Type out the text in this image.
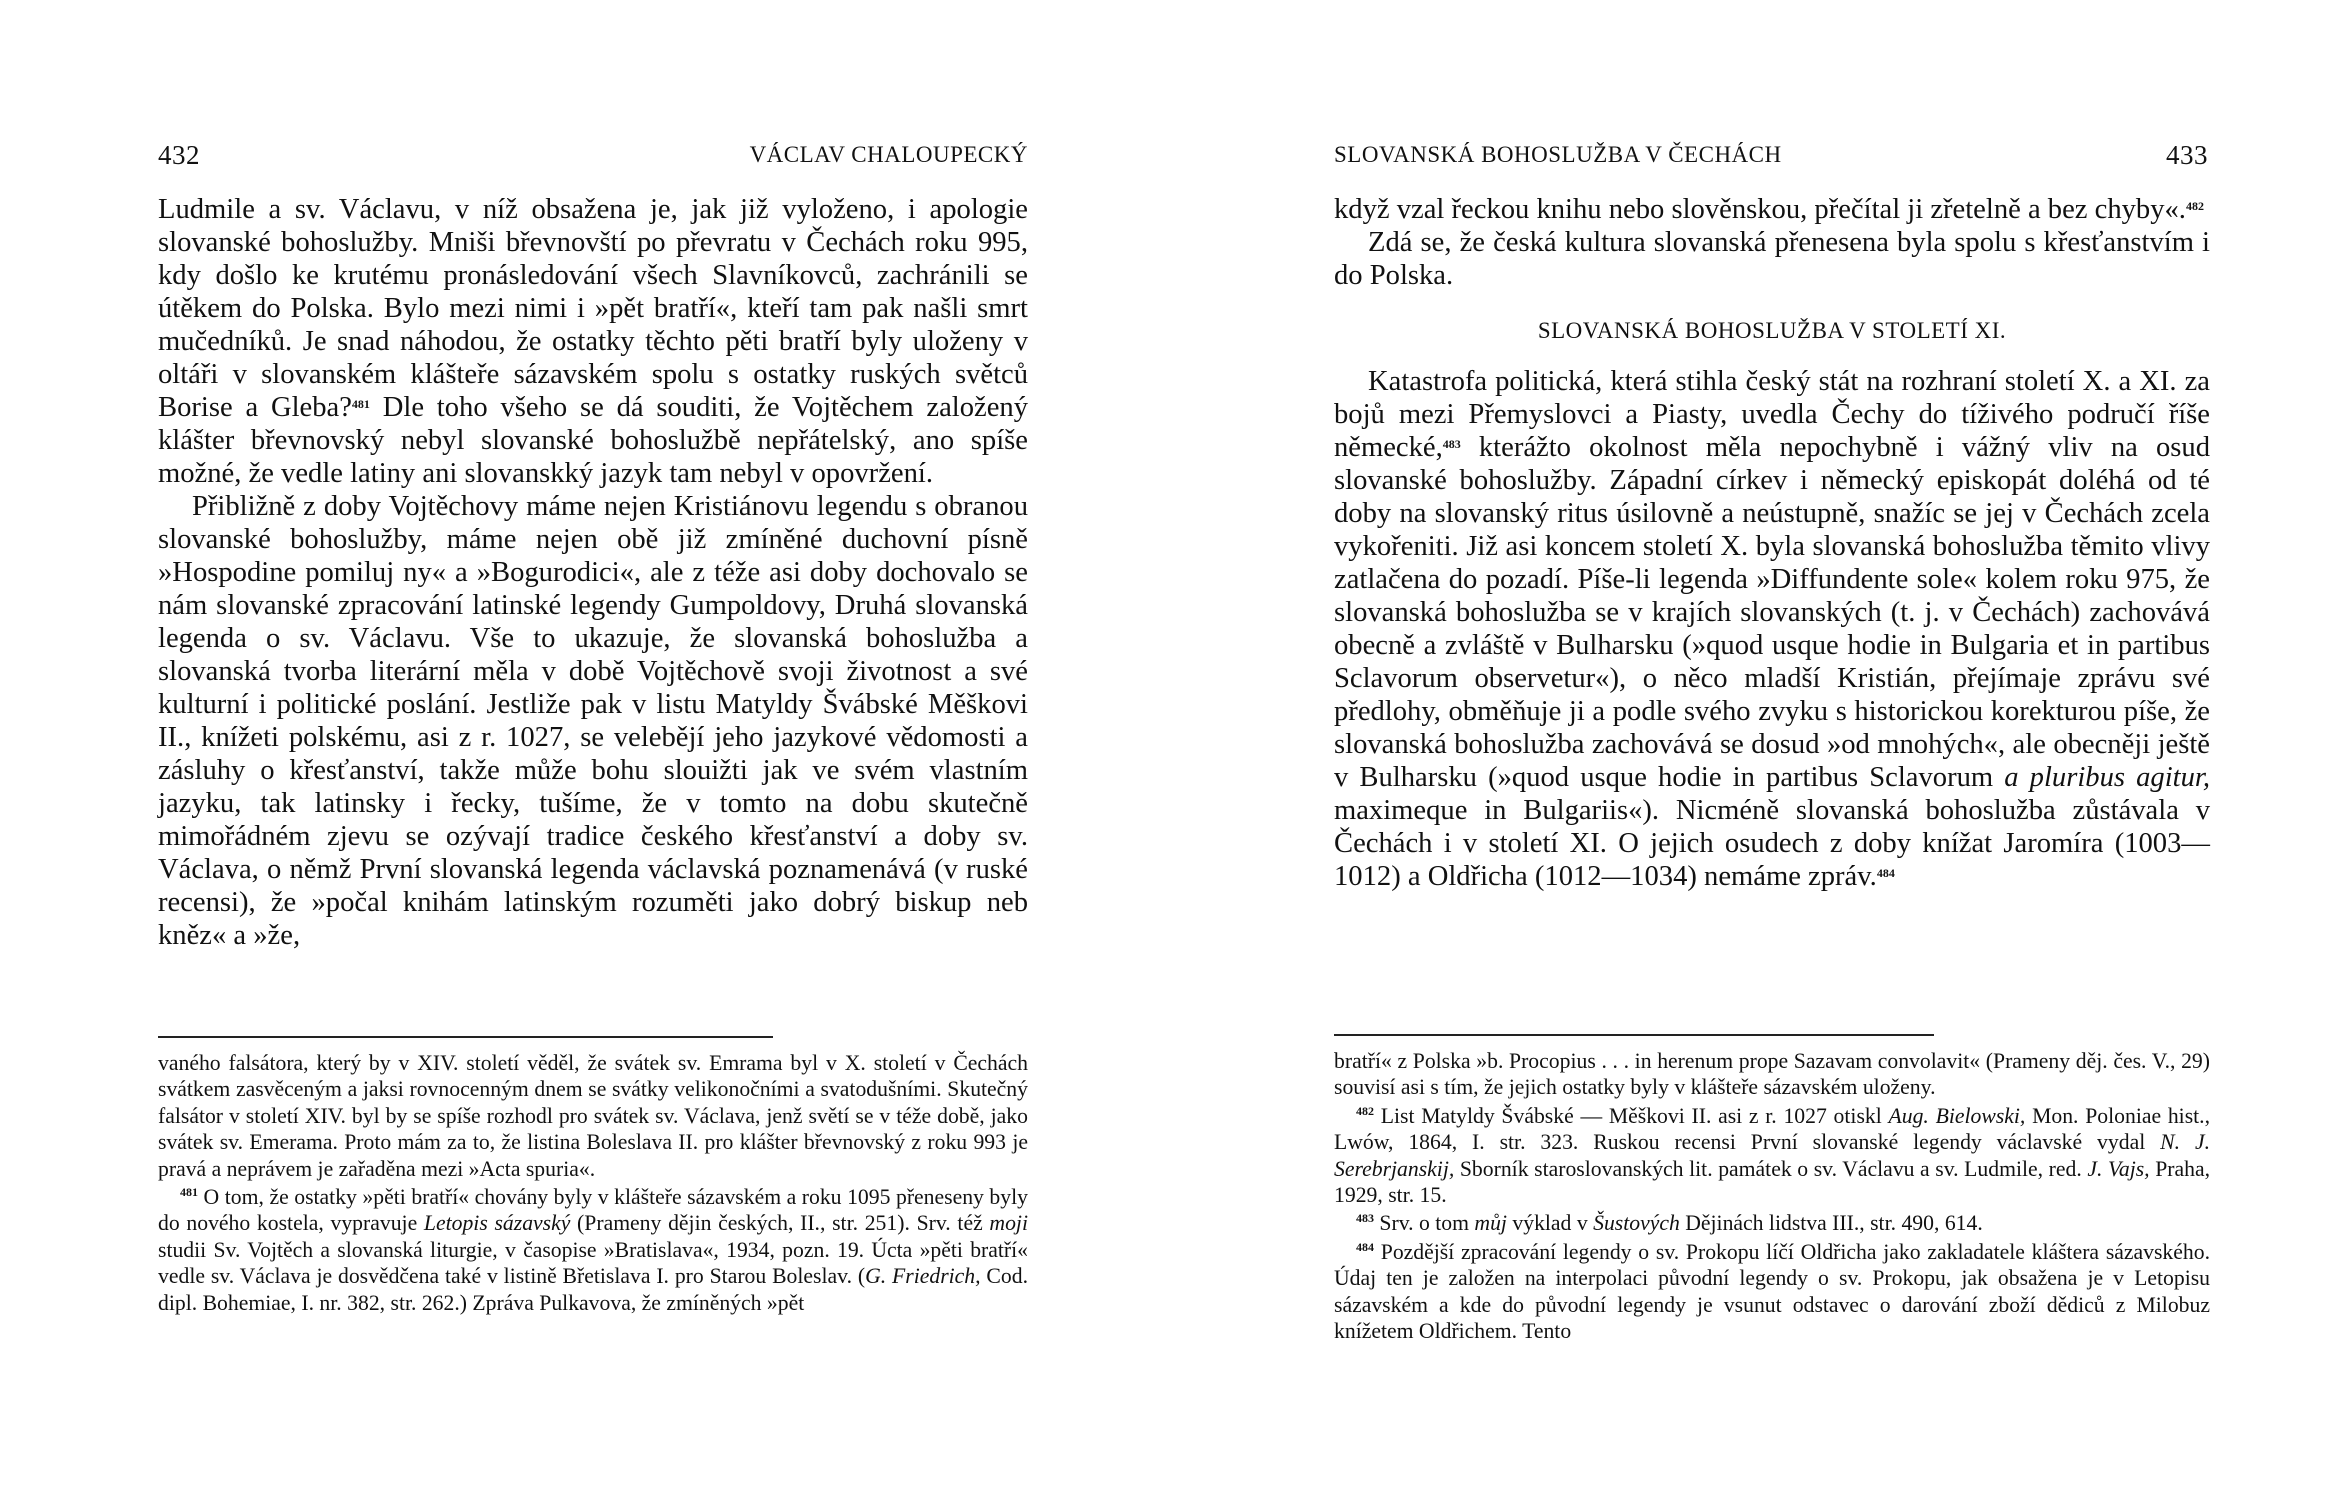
432	VÁCLAV CHALOUPECKÝ

Ludmile a sv. Václavu, v níž obsažena je, jak již vyloženo, i apologie slovanské bohoslužby. Mniši břevnovští po převratu v Čechách roku 995, kdy došlo ke krutému pronásledování všech Slavníkovců, zachránili se útěkem do Polska. Bylo mezi nimi i »pět bratří«, kteří tam pak našli smrt mučedníků. Je snad náhodou, že ostatky těchto pěti bratří byly uloženy v oltáři v slovanském klášteře sázavském spolu s ostatky ruských světců Borise a Gleba?$^{481}$ Dle toho všeho se dá souditi, že Vojtěchem založený klášter břevnovský nebyl slovanské bohoslužbě nepřátelský, ano spíše možné, že vedle latiny ani slovanskký jazyk tam nebyl v opovržení.

Přibližně z doby Vojtěchovy máme nejen Kristiánovu legendu s obranou slovanské bohoslužby, máme nejen obě již zmíněné duchovní písně »Hospodine pomiluj ny« a »Bogurodici«, ale z téže asi doby dochovalo se nám slovanské zpracování latinské legendy Gumpoldovy, Druhá slovanská legenda o sv. Václavu. Vše to ukazuje, že slovanská bohoslužba a slovanská tvorba literární měla v době Vojtěchově svoji životnost a své kulturní i politické poslání. Jestliže pak v listu Matyldy Švábské Měškovi II., knížeti polskému, asi z r. 1027, se velebějí jeho jazykové vědomosti a zásluhy o křesťanství, takže může bohu slouižti jak ve svém vlastním jazyku, tak latinsky i řecky, tušíme, že v tomto na dobu skutečně mimořádném zjevu se ozývají tradice českého křesťanství a doby sv. Václava, o němž První slovanská legenda václavská poznamenává (v ruské recensi), že »počal knihám latinským rozuměti jako dobrý biskup neb kněz« a »že,

vaného falsátora, který by v XIV. století věděl, že svátek sv. Emrama byl v X. století v Čechách svátkem zasvěceným a jaksi rovnocenným dnem se svátky velikonočními a svatodušními. Skutečný falsátor v století XIV. byl by se spíše rozhodl pro svátek sv. Václava, jenž světí se v téže době, jako svátek sv. Emerama. Proto mám za to, že listina Boleslava II. pro klášter břevnovský z roku 993 je pravá a neprávem je zařaděna mezi »Acta spuria«.

$^{481}$ O tom, že ostatky »pěti bratří« chovány byly v klášteře sázavském a roku 1095 přeneseny byly do nového kostela, vypravuje Letopis sázavský (Prameny dějin českých, II., str. 251). Srv. též moji studii Sv. Vojtěch a slovanská liturgie, v časopise »Bratislava«, 1934, pozn. 19. Úcta »pěti bratří« vedle sv. Václava je dosvědčena také v listině Břetislava I. pro Starou Boleslav. (G. Friedrich, Cod. dipl. Bohemiae, I. nr. 382, str. 262.) Zpráva Pulkavova, že zmíněných »pět

SLOVANSKÁ BOHOSLUŽBA V ČECHÁCH	433

když vzal řeckou knihu nebo slověnskou, přečítal ji zřetelně a bez chyby«.$^{482}$

Zdá se, že česká kultura slovanská přenesena byla spolu s křesťanstvím i do Polska.

SLOVANSKÁ BOHOSLUŽBA V STOLETÍ XI.

Katastrofa politická, která stihla český stát na rozhraní století X. a XI. za bojů mezi Přemyslovci a Piasty, uvedla Čechy do tíživého područí říše německé,$^{483}$ kterážto okolnost měla nepochybně i vážný vliv na osud slovanské bohoslužby. Západní církev i německý episkopát doléhá od té doby na slovanský ritus úsilovně a neústupně, snažíc se jej v Čechách zcela vykořeniti. Již asi koncem století X. byla slovanská bohoslužba těmito vlivy zatlačena do pozadí. Píše-li legenda »Diffundente sole« kolem roku 975, že slovanská bohoslužba se v krajích slovanských (t. j. v Čechách) zachovává obecně a zvláště v Bulharsku (»quod usque hodie in Bulgaria et in partibus Sclavorum observetur«), o něco mladší Kristián, přejímaje zprávu své předlohy, obměňuje ji a podle svého zvyku s historickou korekturou píše, že slovanská bohoslužba zachovává se dosud »od mnohých«, ale obecněji ještě v Bulharsku (»quod usque hodie in partibus Sclavorum a pluribus agitur, maximeque in Bulgariis«). Nicméně slovanská bohoslužba zůstávala v Čechách i v století XI. O jejich osudech z doby knížat Jaromíra (1003—1012) a Oldřicha (1012—1034) nemáme zpráv.$^{484}$

bratří« z Polska »b. Procopius . . . in herenum prope Sazavam convolavit« (Prameny děj. čes. V., 29) souvisí asi s tím, že jejich ostatky byly v klášteře sázavském uloženy.

$^{482}$ List Matyldy Švábské — Měškovi II. asi z r. 1027 otiskl Aug. Bielowski, Mon. Poloniae hist., Lwów, 1864, I. str. 323. Ruskou recensi První slovanské legendy václavské vydal N. J. Serebrjanskij, Sborník staroslovanských lit. památek o sv. Václavu a sv. Ludmile, red. J. Vajs, Praha, 1929, str. 15.

$^{483}$ Srv. o tom můj výklad v Šustových Dějinách lidstva III., str. 490, 614.

$^{484}$ Pozdější zpracování legendy o sv. Prokopu líčí Oldřicha jako zakladatele kláštera sázavského. Údaj ten je založen na interpolaci původní legendy o sv. Prokopu, jak obsažena je v Letopisu sázavském a kde do původní legendy je vsunut odstavec o darování zboží dědiců z Milobuz knížetem Oldřichem. Tento
